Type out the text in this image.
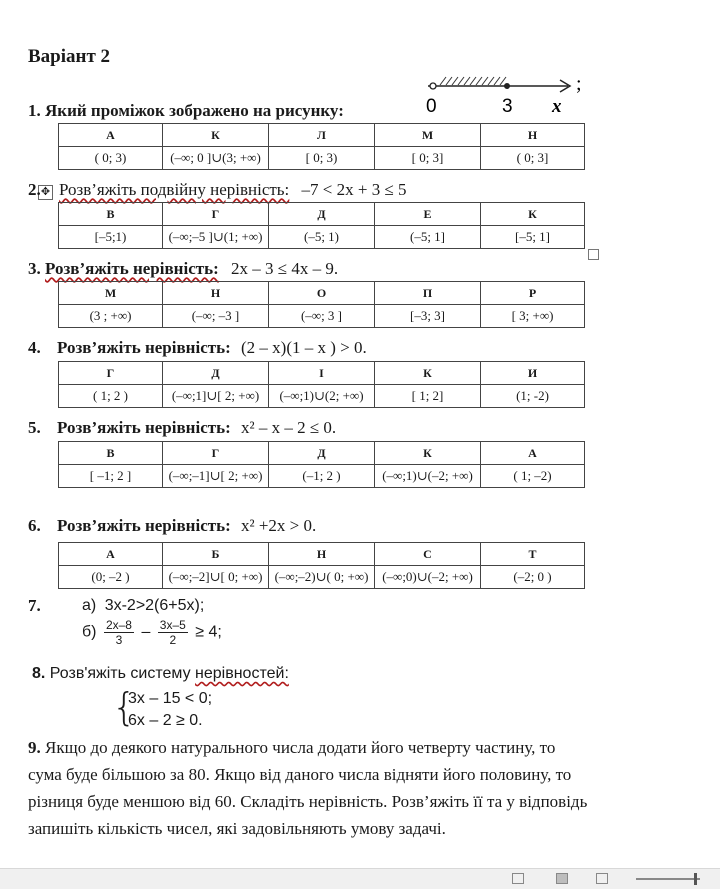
Варіант 2
1. Який проміжок зображено на рисунку:	0	3 x
;
А	К	Л	М	Н
( 0; 3)	(–∞; 0 ]∪(3; +∞)	[ 0; 3)	[ 0; 3]	( 0; 3]
✥
2. Розв’яжіть подвійну нерівність: –7 < 2x + 3 ≤ 5
В	Г	Д	Е	К
[–5;1)	(–∞;–5 ]∪(1; +∞)	(–5; 1)	(–5; 1]	[–5; 1]
3. Розв’яжіть нерівність: 2x – 3 ≤ 4x – 9.
М	Н	О	П	Р
(3 ; +∞)	(–∞; –3 ]	(–∞; 3 ]	[–3; 3]	[ 3; +∞)
4. Розв’яжіть нерівність: (2 – x)(1 – x ) > 0.
Г	Д	І	К	И
( 1; 2 )	(–∞;1]∪[ 2; +∞)	(–∞;1)∪(2; +∞)	[ 1; 2]	(1; -2)
5. Розв’яжіть нерівність: x² – x – 2 ≤ 0.
В	Г	Д	К	А
[ –1; 2 ]	(–∞;–1]∪[ 2; +∞)	(–1; 2 )	(–∞;1)∪(–2; +∞)	( 1; –2)
6. Розв’яжіть нерівність: x² +2x > 0.
А	Б	Н	С	Т
(0; –2 )	(–∞;–2]∪[ 0; +∞)	(–∞;–2)∪( 0; +∞)	(–∞;0)∪(–2; +∞)	(–2; 0 )
7.	а) 3x-2>2(6+5x);
$б) \frac{2x-8}{3} - \frac{3x-5}{2} \ge 4$;
8. Розв'яжіть систему нерівностей:
{
3x – 15 < 0;
6x – 2 ≥ 0.
9. Якщо до деякого натурального числа додати його четверту частину, то
сума буде більшою за 80. Якщо від даного числа відняти його половину, то
різниця буде меншою від 60. Складіть нерівність. Розв’яжіть її та у відповідь
запишіть кількість чисел, які задовільняють умову задачі.
